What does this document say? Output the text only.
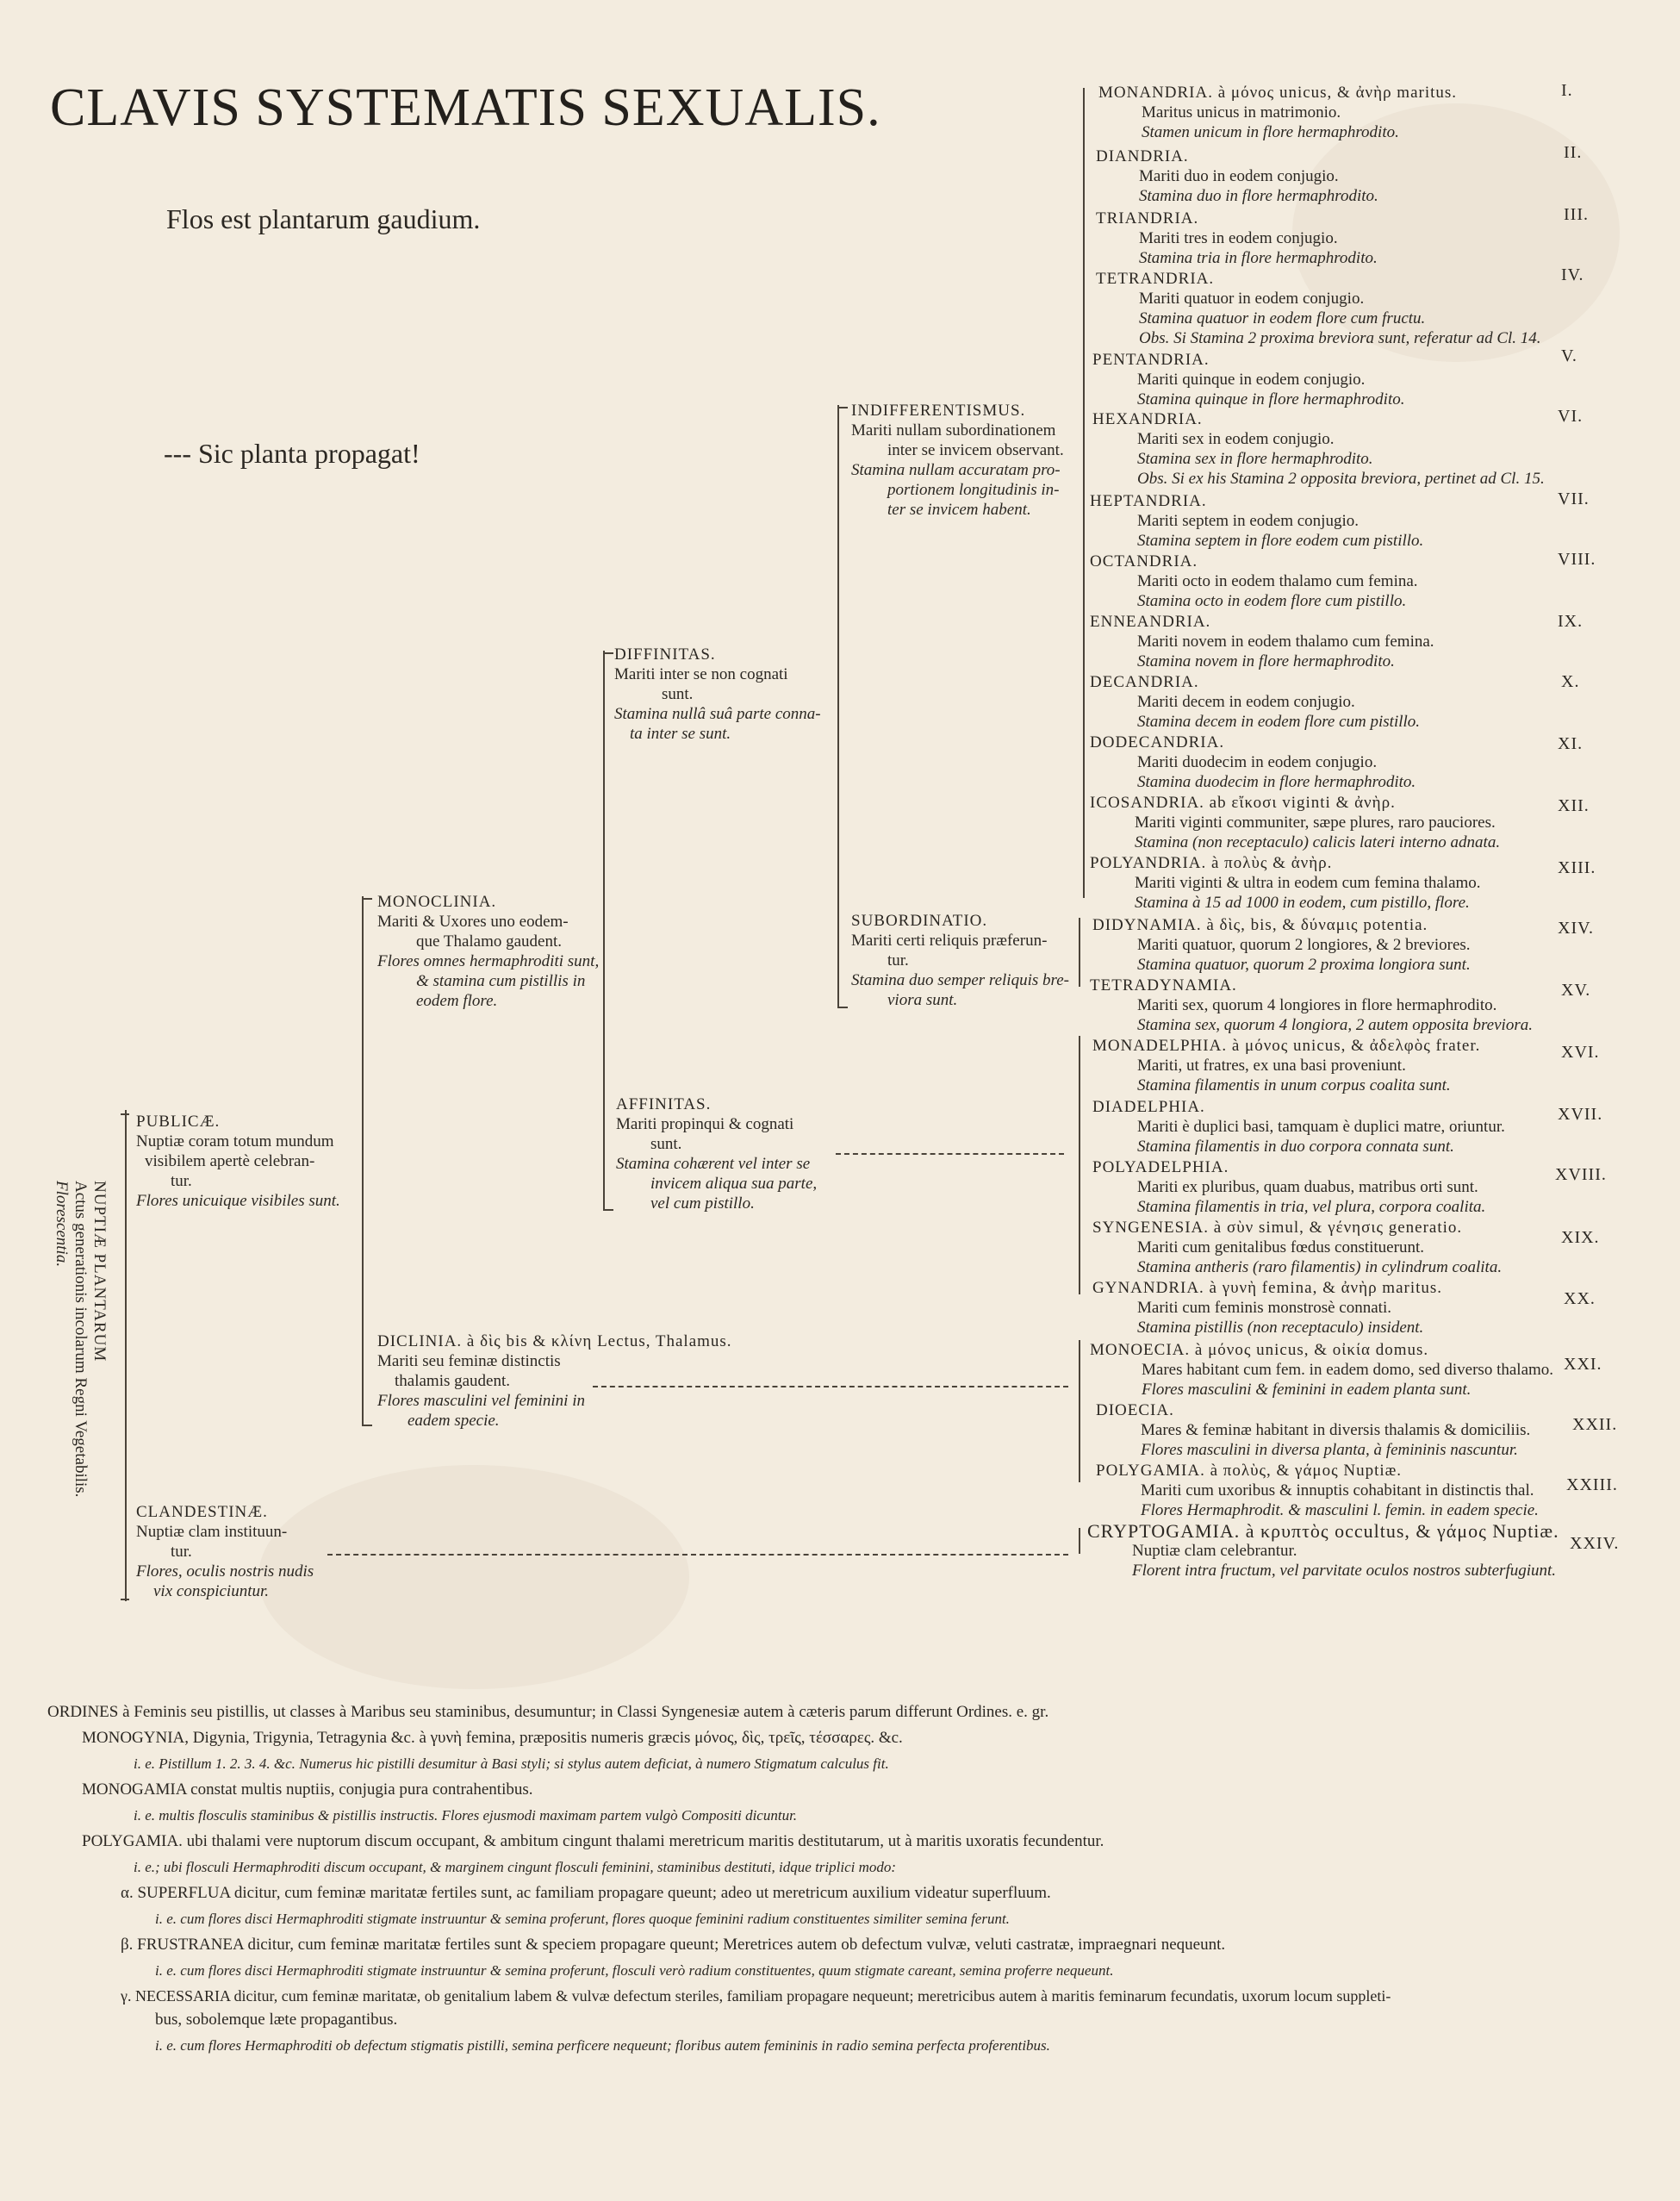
CLAVIS SYSTEMATIS SEXUALIS.
Flos est plantarum gaudium.
--- Sic planta propagat!
NUPTIÆ PLANTARUM
Actus generationis incolarum Regni Vegetabilis.
Florescentia.
PUBLICÆ.
Nuptiæ coram totum mundum
visibilem apertè celebran-
tur.
Flores unicuique visibiles sunt.
CLANDESTINÆ.
Nuptiæ clam instituun-
tur.
Flores, oculis nostris nudis
vix conspiciuntur.
MONOCLINIA.
Mariti & Uxores uno eodem-
que Thalamo gaudent.
Flores omnes hermaphroditi sunt,
& stamina cum pistillis in
eodem flore.
DICLINIA. à δὶς bis & κλίνη Lectus, Thalamus.
Mariti seu feminæ distinctis
thalamis gaudent.
Flores masculini vel feminini in
eadem specie.
DIFFINITAS.
Mariti inter se non cognati
sunt.
Stamina nullâ suâ parte conna-
ta inter se sunt.
AFFINITAS.
Mariti propinqui & cognati
sunt.
Stamina cohærent vel inter se
invicem aliqua sua parte,
vel cum pistillo.
INDIFFERENTISMUS.
Mariti nullam subordinationem
inter se invicem observant.
Stamina nullam accuratam pro-
portionem longitudinis in-
ter se invicem habent.
SUBORDINATIO.
Mariti certi reliquis præferun-
tur.
Stamina duo semper reliquis bre-
viora sunt.
MONANDRIA. à μόνος unicus, & ἀνὴρ maritus.
Maritus unicus in matrimonio.
Stamen unicum in flore hermaphrodito.
I.
DIANDRIA.
Mariti duo in eodem conjugio.
Stamina duo in flore hermaphrodito.
II.
TRIANDRIA.
Mariti tres in eodem conjugio.
Stamina tria in flore hermaphrodito.
III.
TETRANDRIA.
Mariti quatuor in eodem conjugio.
Stamina quatuor in eodem flore cum fructu.
Obs. Si Stamina 2 proxima breviora sunt, referatur ad Cl. 14.
IV.
PENTANDRIA.
Mariti quinque in eodem conjugio.
Stamina quinque in flore hermaphrodito.
V.
HEXANDRIA.
Mariti sex in eodem conjugio.
Stamina sex in flore hermaphrodito.
Obs. Si ex his Stamina 2 opposita breviora, pertinet ad Cl. 15.
VI.
HEPTANDRIA.
Mariti septem in eodem conjugio.
Stamina septem in flore eodem cum pistillo.
VII.
OCTANDRIA.
Mariti octo in eodem thalamo cum femina.
Stamina octo in eodem flore cum pistillo.
VIII.
ENNEANDRIA.
Mariti novem in eodem thalamo cum femina.
Stamina novem in flore hermaphrodito.
IX.
DECANDRIA.
Mariti decem in eodem conjugio.
Stamina decem in eodem flore cum pistillo.
X.
DODECANDRIA.
Mariti duodecim in eodem conjugio.
Stamina duodecim in flore hermaphrodito.
XI.
ICOSANDRIA. ab εἴκοσι viginti & ἀνὴρ.
Mariti viginti communiter, sæpe plures, raro pauciores.
Stamina (non receptaculo) calicis lateri interno adnata.
XII.
POLYANDRIA. à πολὺς & ἀνὴρ.
Mariti viginti & ultra in eodem cum femina thalamo.
Stamina à 15 ad 1000 in eodem, cum pistillo, flore.
XIII.
DIDYNAMIA. à δὶς, bis, & δύναμις potentia.
Mariti quatuor, quorum 2 longiores, & 2 breviores.
Stamina quatuor, quorum 2 proxima longiora sunt.
XIV.
TETRADYNAMIA.
Mariti sex, quorum 4 longiores in flore hermaphrodito.
Stamina sex, quorum 4 longiora, 2 autem opposita breviora.
XV.
MONADELPHIA. à μόνος unicus, & ἀδελφὸς frater.
Mariti, ut fratres, ex una basi proveniunt.
Stamina filamentis in unum corpus coalita sunt.
XVI.
DIADELPHIA.
Mariti è duplici basi, tamquam è duplici matre, oriuntur.
Stamina filamentis in duo corpora connata sunt.
XVII.
POLYADELPHIA.
Mariti ex pluribus, quam duabus, matribus orti sunt.
Stamina filamentis in tria, vel plura, corpora coalita.
XVIII.
SYNGENESIA. à σὺν simul, & γένησις generatio.
Mariti cum genitalibus fœdus constituerunt.
Stamina antheris (raro filamentis) in cylindrum coalita.
XIX.
GYNANDRIA. à γυνὴ femina, & ἀνὴρ maritus.
Mariti cum feminis monstrosè connati.
Stamina pistillis (non receptaculo) insident.
XX.
MONOECIA. à μόνος unicus, & οἰκία domus.
Mares habitant cum fem. in eadem domo, sed diverso thalamo.
Flores masculini & feminini in eadem planta sunt.
XXI.
DIOECIA.
Mares & feminæ habitant in diversis thalamis & domiciliis.
Flores masculini in diversa planta, à femininis nascuntur.
XXII.
POLYGAMIA. à πολὺς, & γάμος Nuptiæ.
Mariti cum uxoribus & innuptis cohabitant in distinctis thal.
Flores Hermaphrodit. & masculini l. femin. in eadem specie.
XXIII.
CRYPTOGAMIA. à κρυπτὸς occultus, & γάμος Nuptiæ.
Nuptiæ clam celebrantur.
Florent intra fructum, vel parvitate oculos nostros subterfugiunt.
XXIV.
ORDINES à Feminis seu pistillis, ut classes à Maribus seu staminibus, desumuntur; in Classi Syngenesiæ autem à cæteris parum differunt Ordines. e. gr.
MONOGYNIA, Digynia, Trigynia, Tetragynia &c. à γυνὴ femina, præpositis numeris græcis μόνος, δὶς, τρεῖς, τέσσαρες. &c.
i. e. Pistillum 1. 2. 3. 4. &c. Numerus hic pistilli desumitur à Basi styli; si stylus autem deficiat, à numero Stigmatum calculus fit.
MONOGAMIA constat multis nuptiis, conjugia pura contrahentibus.
i. e. multis flosculis staminibus & pistillis instructis. Flores ejusmodi maximam partem vulgò Compositi dicuntur.
POLYGAMIA. ubi thalami vere nuptorum discum occupant, & ambitum cingunt thalami meretricum maritis destitutarum, ut à maritis uxoratis fecundentur.
i. e.; ubi flosculi Hermaphroditi discum occupant, & marginem cingunt flosculi feminini, staminibus destituti, idque triplici modo:
α. SUPERFLUA dicitur, cum feminæ maritatæ fertiles sunt, ac familiam propagare queunt; adeo ut meretricum auxilium videatur superfluum.
i. e. cum flores disci Hermaphroditi stigmate instruuntur & semina proferunt, flores quoque feminini radium constituentes similiter semina ferunt.
β. FRUSTRANEA dicitur, cum feminæ maritatæ fertiles sunt & speciem propagare queunt; Meretrices autem ob defectum vulvæ, veluti castratæ, impraegnari nequeunt.
i. e. cum flores disci Hermaphroditi stigmate instruuntur & semina proferunt, flosculi verò radium constituentes, quum stigmate careant, semina proferre nequeunt.
γ. NECESSARIA dicitur, cum feminæ maritatæ, ob genitalium labem & vulvæ defectum steriles, familiam propagare nequeunt; meretricibus autem à maritis feminarum fecundatis, uxorum locum suppleti-
bus, sobolemque læte propagantibus.
i. e. cum flores Hermaphroditi ob defectum stigmatis pistilli, semina perficere nequeunt; floribus autem femininis in radio semina perfecta proferentibus.
